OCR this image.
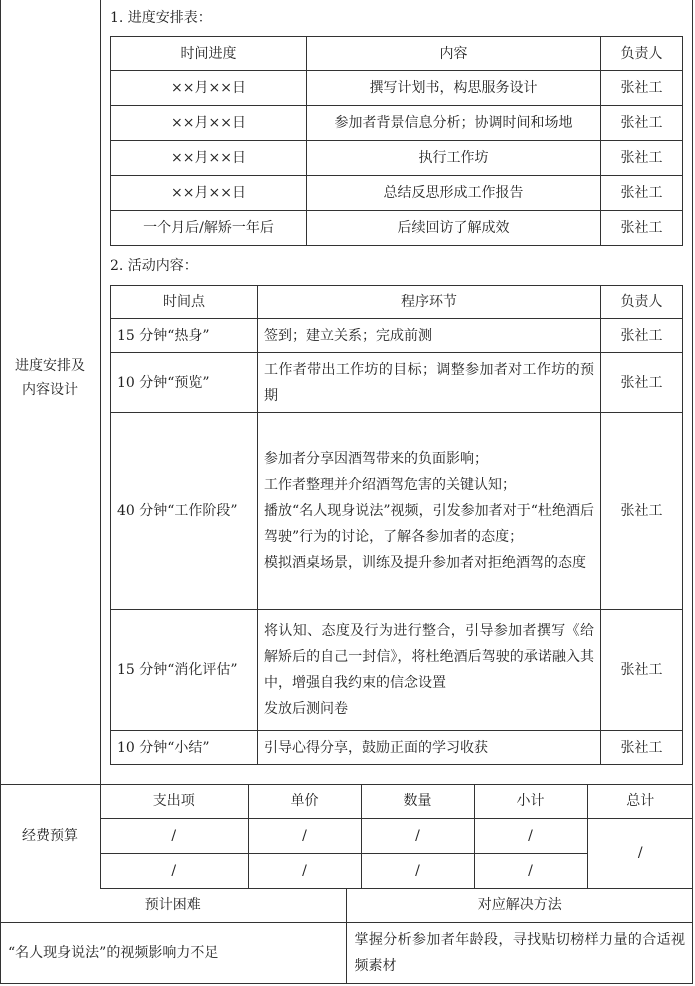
进度安排及内容设计
1. 进度安排表：
时间进度	内容	负责人
××月××日	撰写计划书，构思服务设计	张社工
××月××日	参加者背景信息分析；协调时间和场地	张社工
××月××日	执行工作坊	张社工
××月××日	总结反思形成工作报告	张社工
一个月后/解矫一年后	后续回访了解成效	张社工
2. 活动内容：
时间点	程序环节	负责人
15 分钟“热身”	签到；建立关系；完成前测	张社工
10 分钟“预览”	工作者带出工作坊的目标；调整参加者对工作坊的预期	张社工

40 分钟“工作阶段”	参加者分享因酒驾带来的负面影响；
工作者整理并介绍酒驾危害的关键认知；
播放“名人现身说法”视频，引发参加者对于“杜绝酒后驾驶”行为的讨论，了解各参加者的态度；
模拟酒桌场景，训练及提升参加者对拒绝酒驾的态度	张社工

15 分钟“消化评估”	将认知、态度及行为进行整合，引导参加者撰写《给解矫后的自己一封信》，将杜绝酒后驾驶的承诺融入其中，增强自我约束的信念设置
发放后测问卷	张社工
10 分钟“小结”	引导心得分享，鼓励正面的学习收获	张社工
经费预算
支出项	单价	数量	小计	总计
/	/	/	/	/
/	/	/	/	
预计困难	对应解决方法
“名人现身说法”的视频影响力不足	掌握分析参加者年龄段，寻找贴切榜样力量的合适视频素材
